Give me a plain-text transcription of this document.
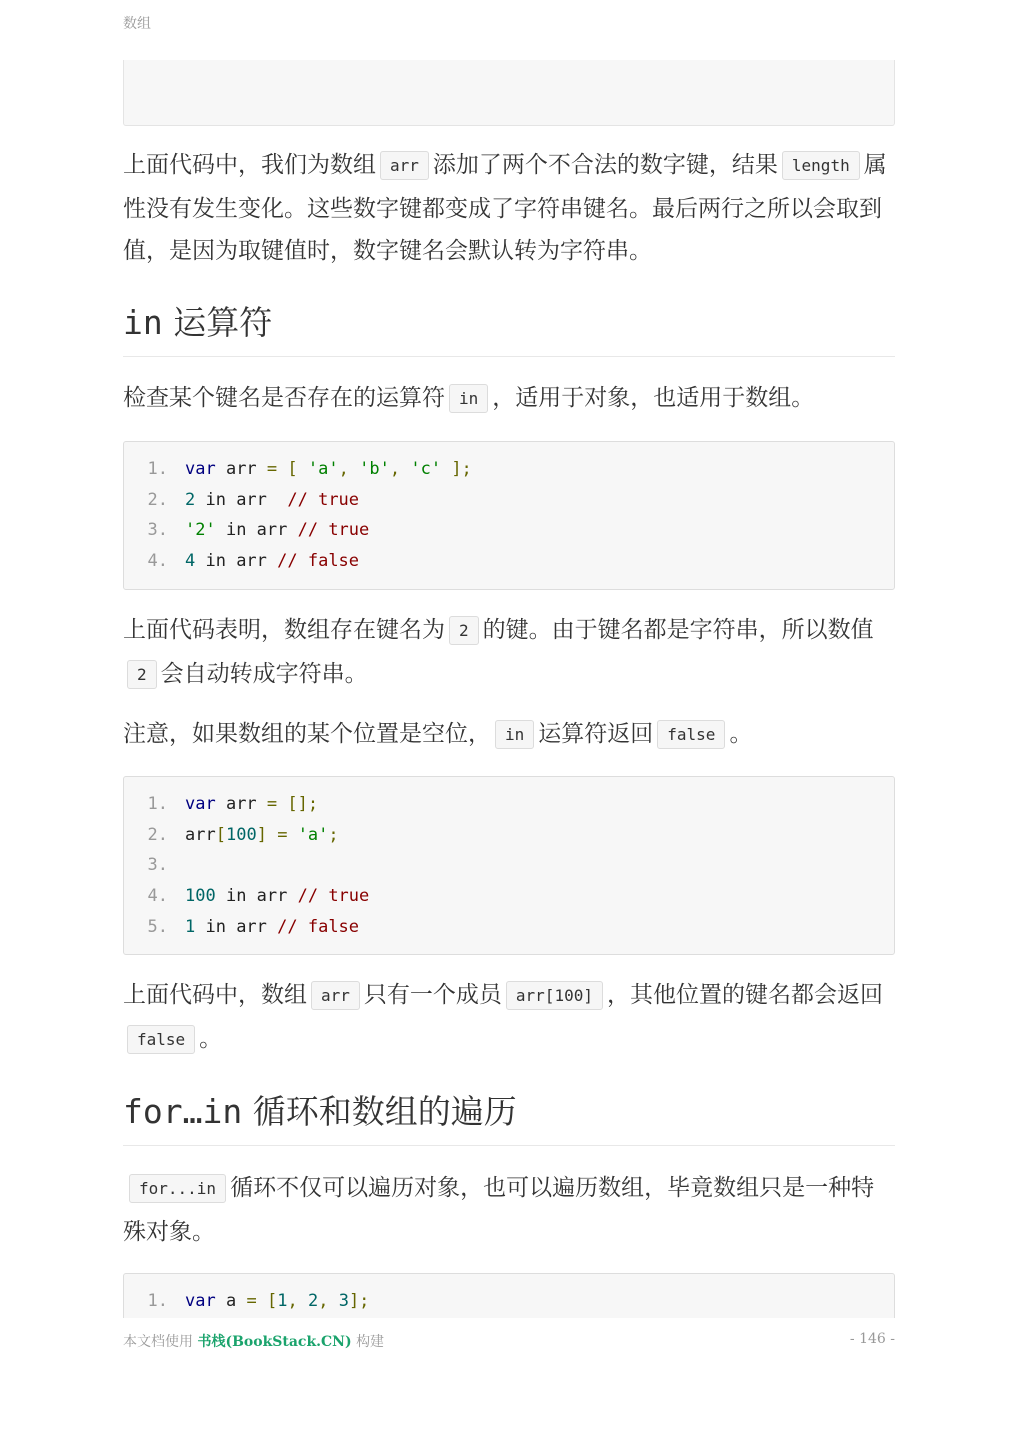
数组

上面代码中，我们为数组 arr 添加了两个不合法的数字键，结果 length 属性没有发生变化。这些数字键都变成了字符串键名。最后两行之所以会取到值，是因为取键值时，数字键名会默认转为字符串。

in 运算符

检查某个键名是否存在的运算符 in ，适用于对象，也适用于数组。

1. var arr = [ 'a', 'b', 'c' ];
2. 2 in arr  // true
3. '2' in arr // true
4. 4 in arr // false

上面代码表明，数组存在键名为 2 的键。由于键名都是字符串，所以数值2 会自动转成字符串。

注意，如果数组的某个位置是空位， in 运算符返回 false 。

1. var arr = [];
2. arr[100] = 'a';
3.
4. 100 in arr // true
5. 1 in arr // false

上面代码中，数组 arr 只有一个成员 arr[100] ，其他位置的键名都会返回false 。

for…in 循环和数组的遍历

for...in 循环不仅可以遍历对象，也可以遍历数组，毕竟数组只是一种特殊对象。

1. var a = [1, 2, 3];
本文档使用 书栈(BookStack.CN) 构建	- 146 -
